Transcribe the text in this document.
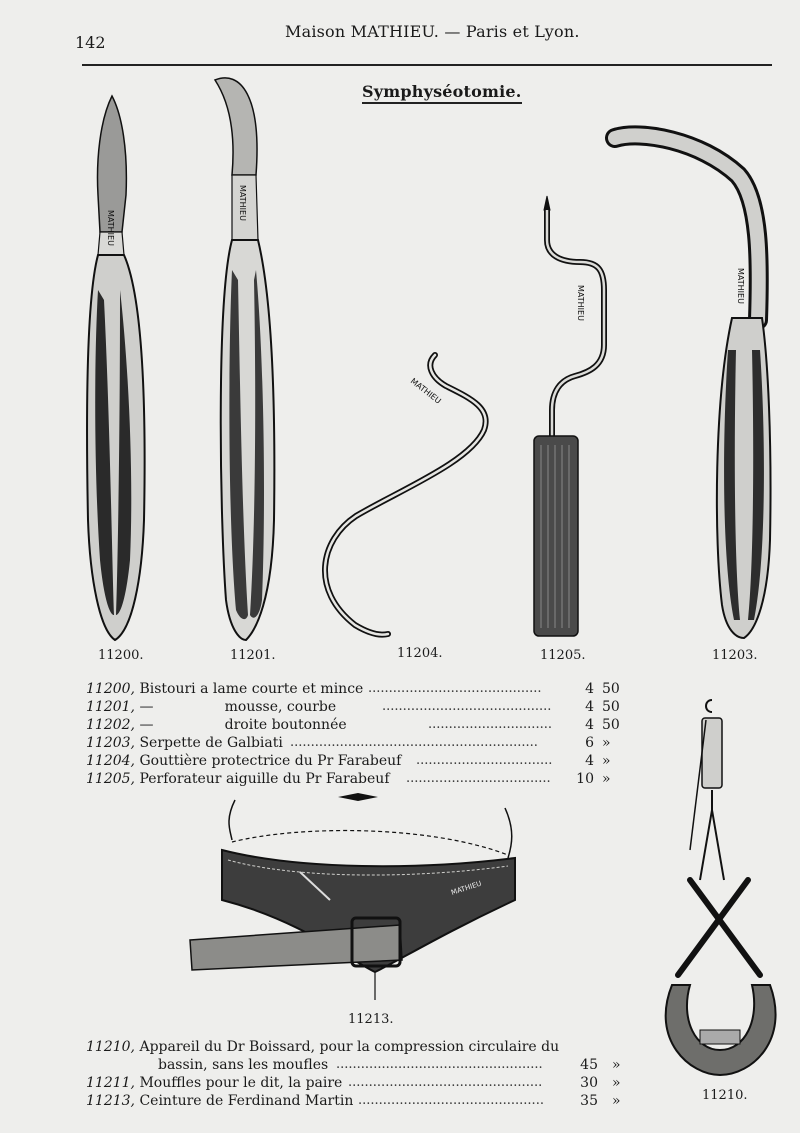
142
Maison MATHIEU. — Paris et Lyon.
Symphyséotomie.
MATHIEU
MATHIEU
MATHIEU
MATHIEU	MATHIEU
MATHIEU
11200.	11201.	11204.	11205.	11203.
11213.
11210.
11200, Bistouri a lame courte et mince ..........................................	4 50
11201, —                mousse, courbe	.........................................	4 50
11202, —                droite boutonnée	..............................	4 50
11203, Serpette de Galbiati ............................................................	6 »
11204, Gouttière protectrice du Pr Farabeuf .................................	4 »
11205, Perforateur aiguille du Pr Farabeuf ...................................	10 »
11210, Appareil du Dr Boissard, pour la compression circulaire du
bassin, sans les moufles ..................................................	45 »
11211, Mouffles pour le dit, la paire ...............................................	30 »
11213, Ceinture de Ferdinand Martin .............................................	35 »
